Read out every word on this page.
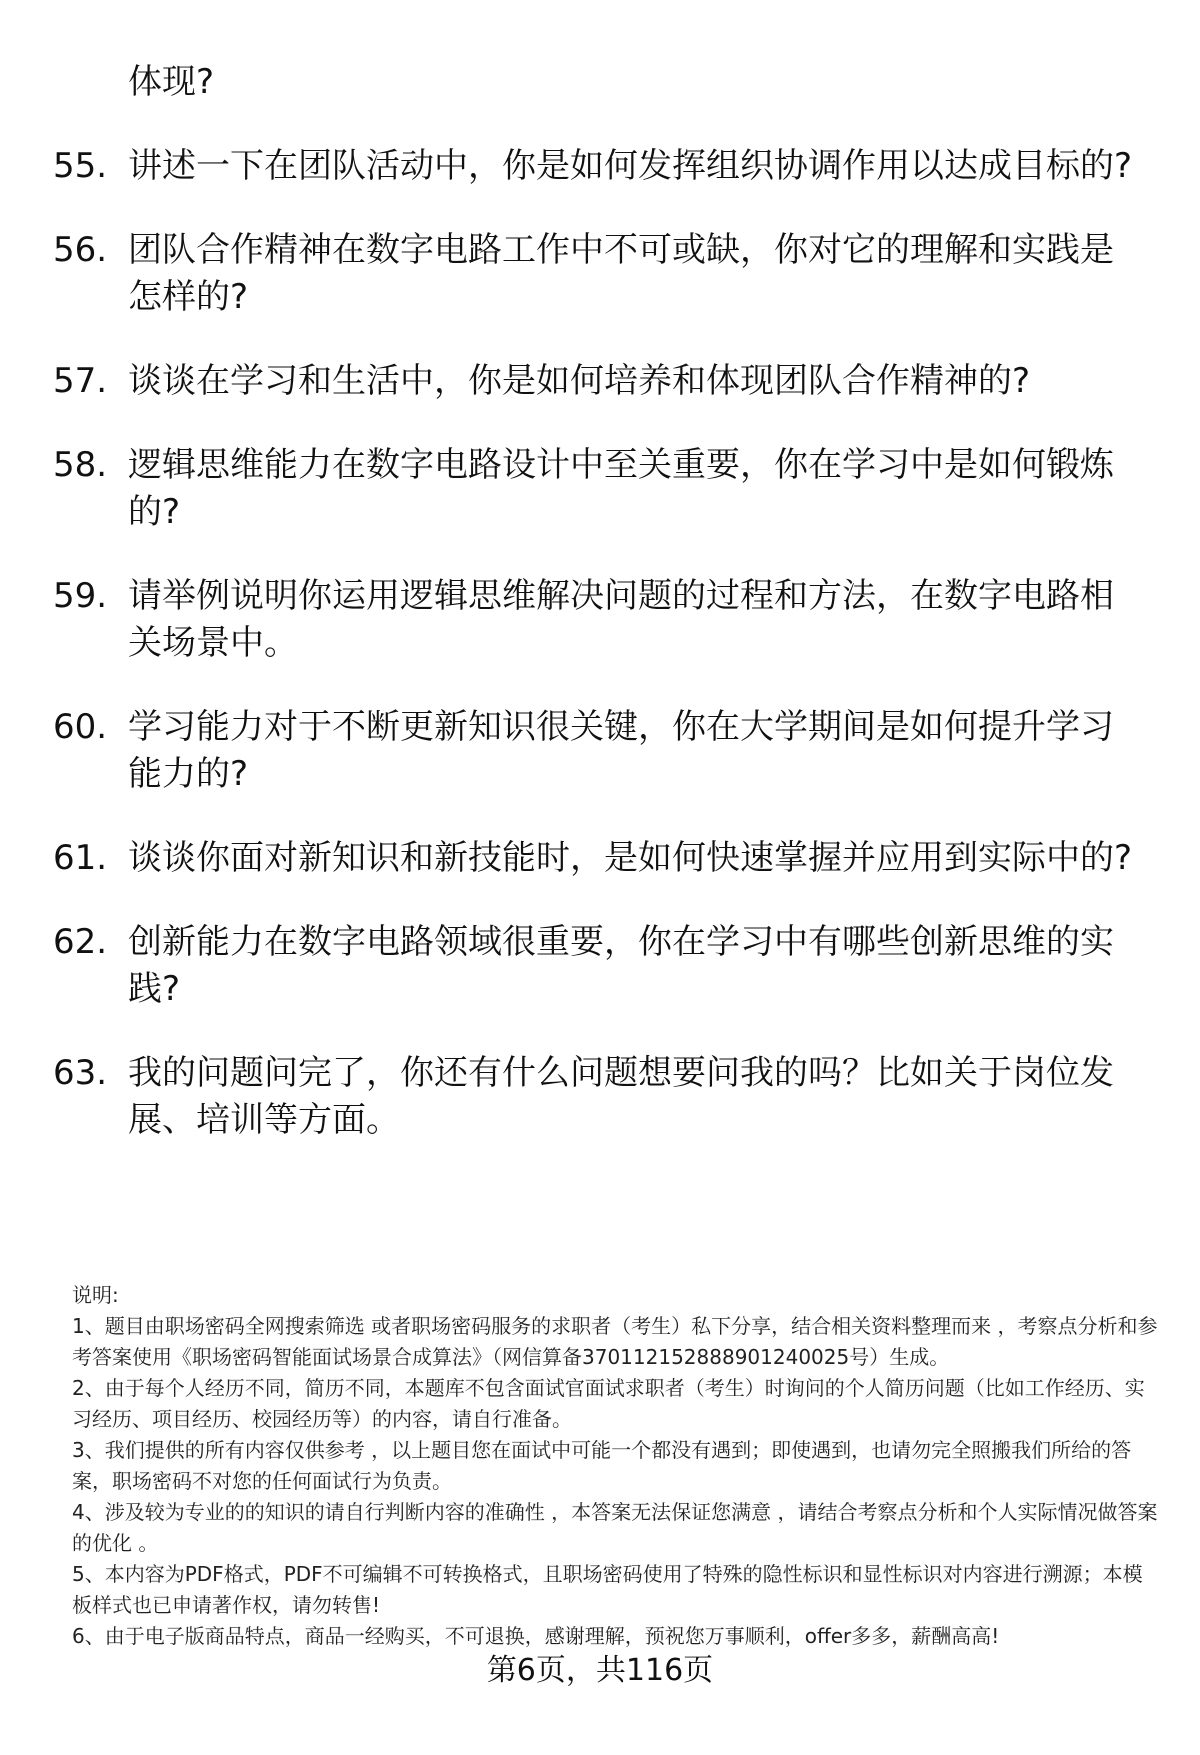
体现?
55. 讲述一下在团队活动中，你是如何发挥组织协调作用以达成目标的?
56. 团队合作精神在数字电路工作中不可或缺，你对它的理解和实践是怎样的?
57. 谈谈在学习和生活中，你是如何培养和体现团队合作精神的?
58. 逻辑思维能力在数字电路设计中至关重要，你在学习中是如何锻炼的?
59. 请举例说明你运用逻辑思维解决问题的过程和方法，在数字电路相关场景中。
60. 学习能力对于不断更新知识很关键，你在大学期间是如何提升学习能力的?
61. 谈谈你面对新知识和新技能时，是如何快速掌握并应用到实际中的?
62. 创新能力在数字电路领域很重要，你在学习中有哪些创新思维的实践?
63. 我的问题问完了，你还有什么问题想要问我的吗？比如关于岗位发展、培训等方面。

说明:

1、题目由职场密码全网搜索筛选 或者职场密码服务的求职者（考生）私下分享，结合相关资料整理而来 ，考察点分析和参考答案使用《职场密码智能面试场景合成算法》（网信算备370112152888901240025号）生成。

2、由于每个人经历不同，简历不同，本题库不包含面试官面试求职者（考生）时询问的个人简历问题（比如工作经历、实习经历、项目经历、校园经历等）的内容，请自行准备。

3、我们提供的所有内容仅供参考 ，以上题目您在面试中可能一个都没有遇到；即使遇到，也请勿完全照搬我们所给的答案，职场密码不对您的任何面试行为负责。

4、涉及较为专业的的知识的请自行判断内容的准确性 ，本答案无法保证您满意 ，请结合考察点分析和个人实际情况做答案的优化 。

5、本内容为PDF格式，PDF不可编辑不可转换格式，且职场密码使用了特殊的隐性标识和显性标识对内容进行溯源；本模板样式也已申请著作权，请勿转售!

6、由于电子版商品特点，商品一经购买，不可退换，感谢理解，预祝您万事顺利，offer多多，薪酬高高!

第6页，共116页
